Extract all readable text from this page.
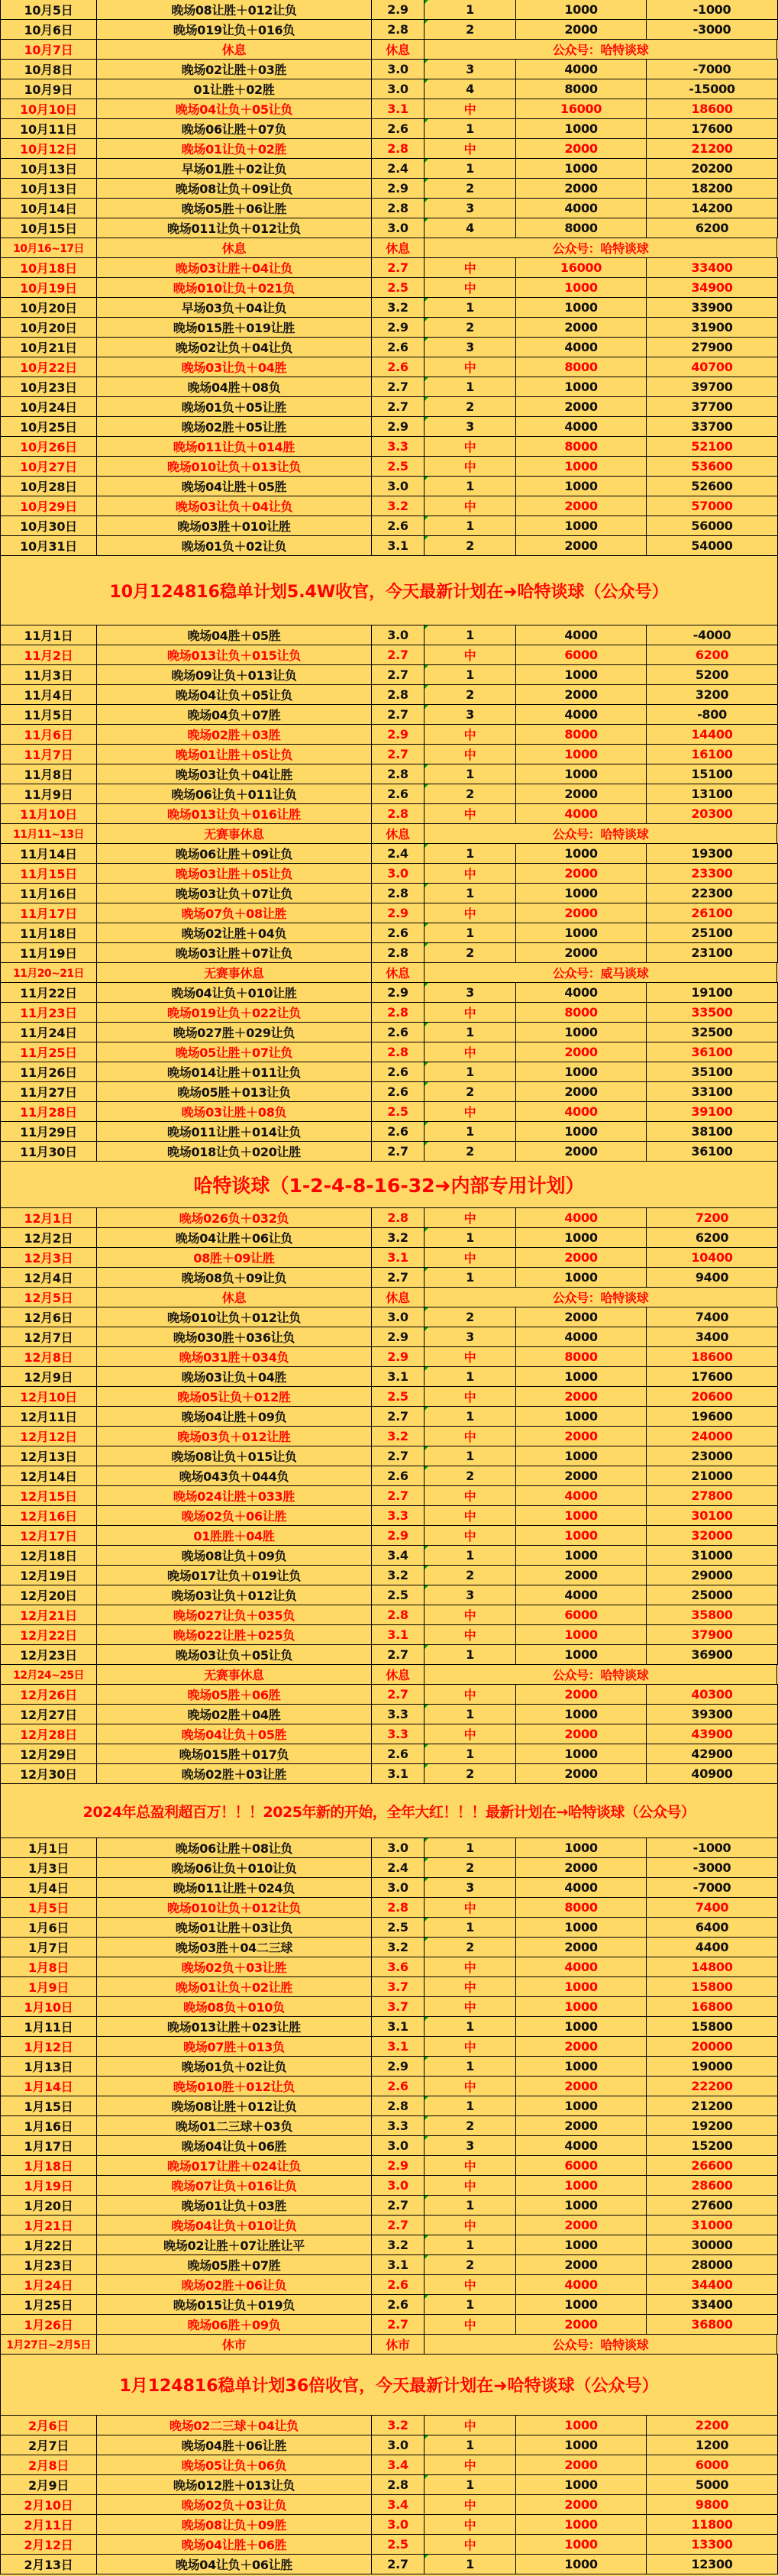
10月5日	晚场08让胜＋012让负	2.9	1	1000	-1000
10月6日	晚场019让负＋016负	2.8	2	2000	-3000
10月7日	休息	休息	公众号：哈特谈球
10月8日	晚场02让胜＋03胜	3.0	3	4000	-7000
10月9日	01让胜＋02胜	3.0	4	8000	-15000
10月10日	晚场04让负＋05让负	3.1	中	16000	18600
10月11日	晚场06让胜＋07负	2.6	1	1000	17600
10月12日	晚场01让负＋02胜	2.8	中	2000	21200
10月13日	早场01胜＋02让负	2.4	1	1000	20200
10月13日	晚场08让负＋09让负	2.9	2	2000	18200
10月14日	晚场05胜＋06让胜	2.8	3	4000	14200
10月15日	晚场011让负＋012让负	3.0	4	8000	6200
10月16~17日	休息	休息	公众号：哈特谈球
10月18日	晚场03让胜＋04让负	2.7	中	16000	33400
10月19日	晚场010让负＋021负	2.5	中	1000	34900
10月20日	早场03负＋04让负	3.2	1	1000	33900
10月20日	晚场015胜＋019让胜	2.9	2	2000	31900
10月21日	晚场02让负＋04让负	2.6	3	4000	27900
10月22日	晚场03让负＋04胜	2.6	中	8000	40700
10月23日	晚场04胜＋08负	2.7	1	1000	39700
10月24日	晚场01负＋05让胜	2.7	2	2000	37700
10月25日	晚场02胜＋05让胜	2.9	3	4000	33700
10月26日	晚场011让负＋014胜	3.3	中	8000	52100
10月27日	晚场010让负＋013让负	2.5	中	1000	53600
10月28日	晚场04让胜＋05胜	3.0	1	1000	52600
10月29日	晚场03让负＋04让负	3.2	中	2000	57000
10月30日	晚场03胜＋010让胜	2.6	1	1000	56000
10月31日	晚场01负＋02让负	3.1	2	2000	54000
10月124816稳单计划5.4W收官，今天最新计划在➜哈特谈球（公众号）
11月1日	晚场04胜＋05胜	3.0	1	4000	-4000
11月2日	晚场013让负＋015让负	2.7	中	6000	6200
11月3日	晚场09让负＋013让负	2.7	1	1000	5200
11月4日	晚场04让负＋05让负	2.8	2	2000	3200
11月5日	晚场04负＋07胜	2.7	3	4000	-800
11月6日	晚场02胜＋03胜	2.9	中	8000	14400
11月7日	晚场01让胜＋05让负	2.7	中	1000	16100
11月8日	晚场03让负＋04让胜	2.8	1	1000	15100
11月9日	晚场06让负＋011让负	2.6	2	2000	13100
11月10日	晚场013让负＋016让胜	2.8	中	4000	20300
11月11~13日	无赛事休息	休息	公众号：哈特谈球
11月14日	晚场06让胜＋09让负	2.4	1	1000	19300
11月15日	晚场03让胜＋05让负	3.0	中	2000	23300
11月16日	晚场03让负＋07让负	2.8	1	1000	22300
11月17日	晚场07负＋08让胜	2.9	中	2000	26100
11月18日	晚场02让胜＋04负	2.6	1	1000	25100
11月19日	晚场03让胜＋07让负	2.8	2	2000	23100
11月20~21日	无赛事休息	休息	公众号：威马谈球
11月22日	晚场04让负＋010让胜	2.9	3	4000	19100
11月23日	晚场019让负＋022让负	2.8	中	8000	33500
11月24日	晚场027胜＋029让负	2.6	1	1000	32500
11月25日	晚场05让胜＋07让负	2.8	中	2000	36100
11月26日	晚场014让胜＋011让负	2.6	1	1000	35100
11月27日	晚场05胜＋013让负	2.6	2	2000	33100
11月28日	晚场03让胜＋08负	2.5	中	4000	39100
11月29日	晚场011让胜＋014让负	2.6	1	1000	38100
11月30日	晚场018让负＋020让胜	2.7	2	2000	36100
哈特谈球（1-2-4-8-16-32➜内部专用计划）
12月1日	晚场026负＋032负	2.8	中	4000	7200
12月2日	晚场04让胜＋06让负	3.2	1	1000	6200
12月3日	08胜＋09让胜	3.1	中	2000	10400
12月4日	晚场08负＋09让负	2.7	1	1000	9400
12月5日	休息	休息	公众号：哈特谈球
12月6日	晚场010让负＋012让负	3.0	2	2000	7400
12月7日	晚场030胜＋036让负	2.9	3	4000	3400
12月8日	晚场031胜＋034负	2.9	中	8000	18600
12月9日	晚场03让负＋04胜	3.1	1	1000	17600
12月10日	晚场05让负＋012胜	2.5	中	2000	20600
12月11日	晚场04让胜＋09负	2.7	1	1000	19600
12月12日	晚场03负＋012让胜	3.2	中	2000	24000
12月13日	晚场08让负＋015让负	2.7	1	1000	23000
12月14日	晚场043负＋044负	2.6	2	2000	21000
12月15日	晚场024让胜＋033胜	2.7	中	4000	27800
12月16日	晚场02负＋06让胜	3.3	中	1000	30100
12月17日	01胜胜＋04胜	2.9	中	1000	32000
12月18日	晚场08让负＋09负	3.4	1	1000	31000
12月19日	晚场017让负＋019让负	3.2	2	2000	29000
12月20日	晚场03让负＋012让负	2.5	3	4000	25000
12月21日	晚场027让负＋035负	2.8	中	6000	35800
12月22日	晚场022让胜＋025负	3.1	中	1000	37900
12月23日	晚场03让负＋05让负	2.7	1	1000	36900
12月24~25日	无赛事休息	休息	公众号：哈特谈球
12月26日	晚场05胜＋06胜	2.7	中	2000	40300
12月27日	晚场02胜＋04胜	3.3	1	1000	39300
12月28日	晚场04让负＋05胜	3.3	中	2000	43900
12月29日	晚场015胜＋017负	2.6	1	1000	42900
12月30日	晚场02胜＋03让胜	3.1	2	2000	40900
2024年总盈利超百万！！！2025年新的开始，全年大红！！！最新计划在→哈特谈球（公众号）
1月1日	晚场06让胜＋08让负	3.0	1	1000	-1000
1月3日	晚场06让负＋010让负	2.4	2	2000	-3000
1月4日	晚场011让胜＋024负	3.0	3	4000	-7000
1月5日	晚场010让负＋012让负	2.8	中	8000	7400
1月6日	晚场01让胜＋03让负	2.5	1	1000	6400
1月7日	晚场03胜＋04二三球	3.2	2	2000	4400
1月8日	晚场02负＋03让胜	3.6	中	4000	14800
1月9日	晚场01让负＋02让胜	3.7	中	1000	15800
1月10日	晚场08负＋010负	3.7	中	1000	16800
1月11日	晚场013让胜＋023让胜	3.1	1	1000	15800
1月12日	晚场07胜＋013负	3.1	中	2000	20000
1月13日	晚场01负＋02让负	2.9	1	1000	19000
1月14日	晚场010胜＋012让负	2.6	中	2000	22200
1月15日	晚场08让胜＋012让负	2.8	1	1000	21200
1月16日	晚场01二三球＋03负	3.3	2	2000	19200
1月17日	晚场04让负＋06胜	3.0	3	4000	15200
1月18日	晚场017让胜＋024让负	2.9	中	6000	26600
1月19日	晚场07让负＋016让负	3.0	中	1000	28600
1月20日	晚场01让负＋03胜	2.7	1	1000	27600
1月21日	晚场04让负＋010让负	2.7	中	2000	31000
1月22日	晚场02让胜＋07让胜让平	3.2	1	1000	30000
1月23日	晚场05胜＋07胜	3.1	2	2000	28000
1月24日	晚场02胜＋06让负	2.6	中	4000	34400
1月25日	晚场015让负＋019负	2.6	1	1000	33400
1月26日	晚场06胜＋09负	2.7	中	2000	36800
1月27日~2月5日	休市	休市	公众号：哈特谈球
1月124816稳单计划36倍收官，今天最新计划在➜哈特谈球（公众号）
2月6日	晚场02二三球＋04让负	3.2	中	1000	2200
2月7日	晚场04胜＋06让胜	3.0	1	1000	1200
2月8日	晚场05让负＋06负	3.4	中	2000	6000
2月9日	晚场012胜＋013让负	2.8	1	1000	5000
2月10日	晚场02负＋03让负	3.4	中	2000	9800
2月11日	晚场08让负＋09胜	3.0	中	1000	11800
2月12日	晚场04让胜＋06胜	2.5	中	1000	13300
2月13日	晚场04让负＋06让胜	2.7	1	1000	12300
